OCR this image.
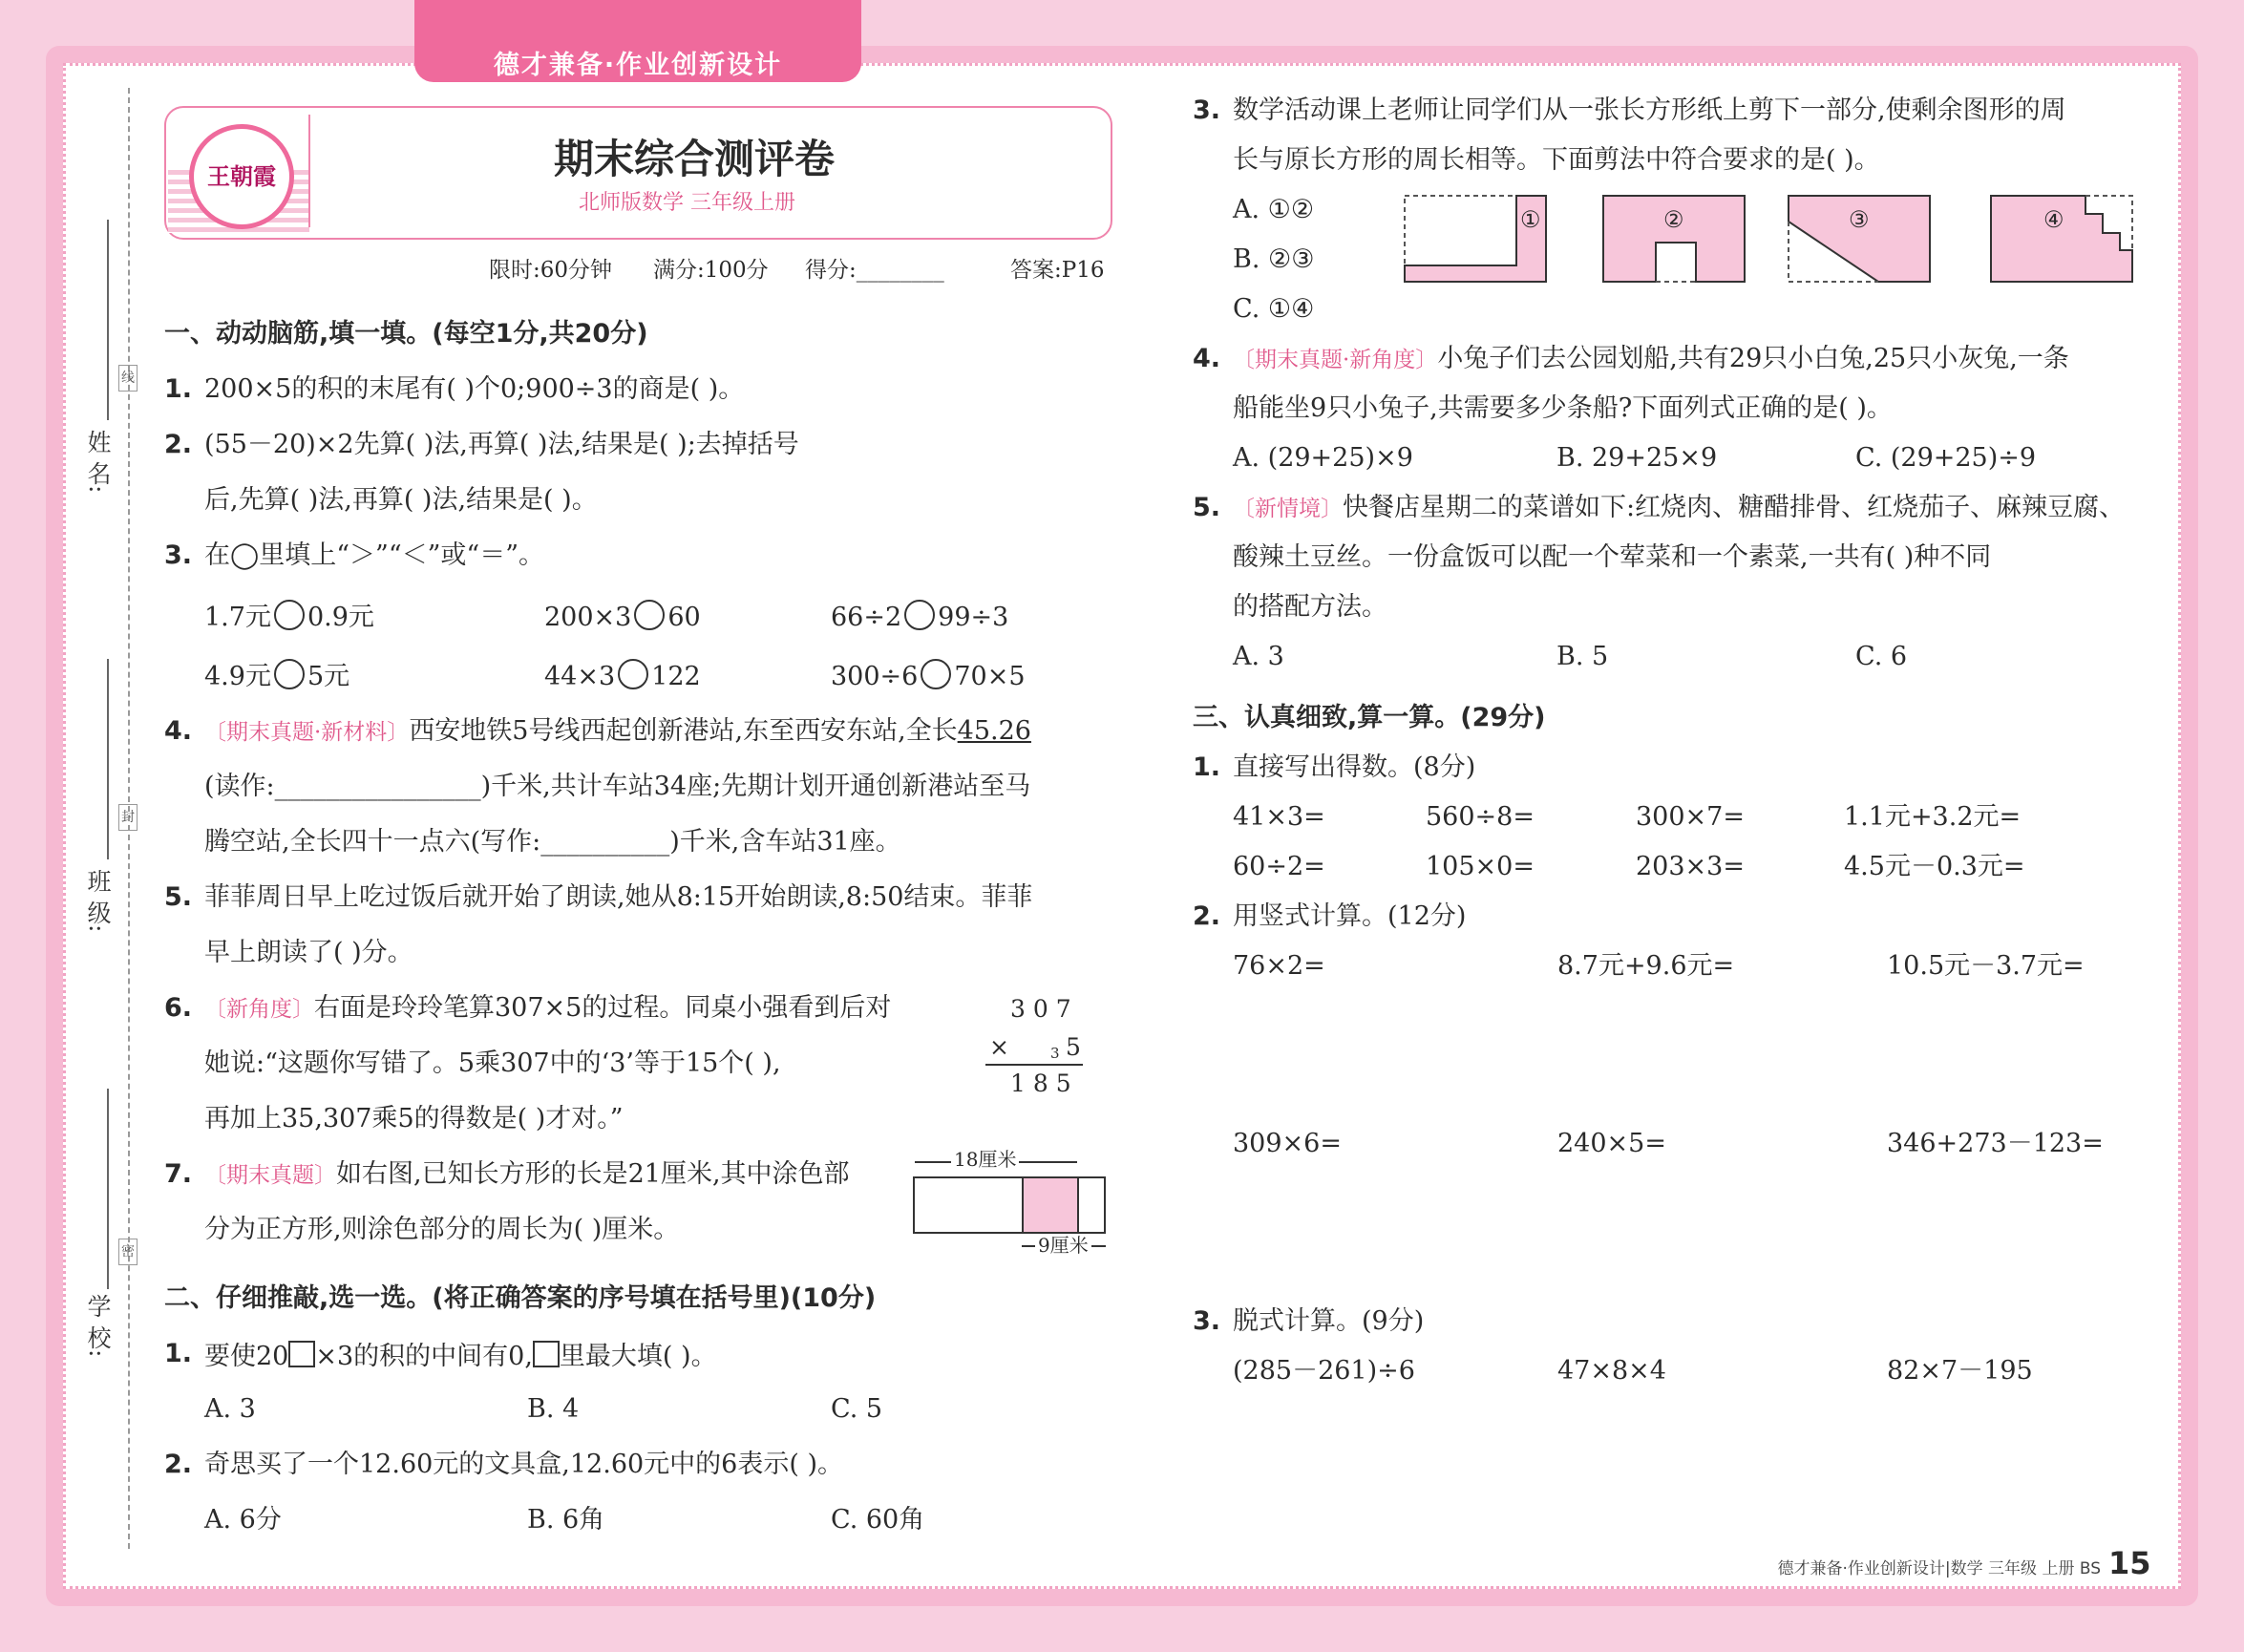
德才兼备·作业创新设计
线
封
密
姓 名:
班 级:
学 校:
王朝霞	期末综合测评卷
北师版数学 三年级上册
限时:60分钟 满分:100分 得分:________	答案:P16
一、动动脑筋,填一填。(每空1分,共20分)
1. 200×5的积的末尾有( )个0;900÷3的商是( )。
2. (55－20)×2先算( )法,再算( )法,结果是( );去掉括号
后,先算( )法,再算( )法,结果是( )。
3. 在◯里填上“＞”“＜”或“＝”。
1.7元 0.9元	200×3 60	66÷2 99÷3
4.9元 5元	44×3 122	300÷6 70×5
4. 〔期末真题·新材料〕西安地铁5号线西起创新港站,东至西安东站,全长45.26
(读作:________________)千米,共计车站34座;先期计划开通创新港站至马
腾空站,全长四十一点六(写作:__________)千米,含车站31座。
5. 菲菲周日早上吃过饭后就开始了朗读,她从8:15开始朗读,8:50结束。菲菲
早上朗读了( )分。
6. 〔新角度〕右面是玲玲笔算307×5的过程。同桌小强看到后对
她说:“这题你写错了。5乘307中的‘3’等于15个( ),
再加上35,307乘5的得数是( )才对。”
3 0 7
×	3 5
1 8 5
7. 〔期末真题〕如右图,已知长方形的长是21厘米,其中涂色部
分为正方形,则涂色部分的周长为( )厘米。
18厘米
9厘米
二、仔细推敲,选一选。(将正确答案的序号填在括号里)(10分)
1. 要使20 ×3的积的中间有0, 里最大填( )。
A. 3	B. 4	C. 5
2. 奇思买了一个12.60元的文具盒,12.60元中的6表示( )。
A. 6分	B. 6角	C. 60角
3. 数学活动课上老师让同学们从一张长方形纸上剪下一部分,使剩余图形的周
长与原长方形的周长相等。下面剪法中符合要求的是( )。
A. ①②
B. ②③
C. ①④
①	②	③	④
4. 〔期末真题·新角度〕小兔子们去公园划船,共有29只小白兔,25只小灰兔,一条
船能坐9只小兔子,共需要多少条船?下面列式正确的是( )。
A. (29+25)×9	B. 29+25×9	C. (29+25)÷9
5. 〔新情境〕快餐店星期二的菜谱如下:红烧肉、糖醋排骨、红烧茄子、麻辣豆腐、
酸辣土豆丝。一份盒饭可以配一个荤菜和一个素菜,一共有( )种不同
的搭配方法。
A. 3	B. 5	C. 6
三、认真细致,算一算。(29分)
1. 直接写出得数。(8分)
41×3=	560÷8=	300×7=	1.1元+3.2元=
60÷2=	105×0=	203×3=	4.5元－0.3元=
2. 用竖式计算。(12分)
76×2=	8.7元+9.6元=	10.5元－3.7元=
309×6=	240×5=	346+273－123=
3. 脱式计算。(9分)
(285－261)÷6	47×8×4	82×7－195
德才兼备·作业创新设计|数学 三年级 上册 BS 15
